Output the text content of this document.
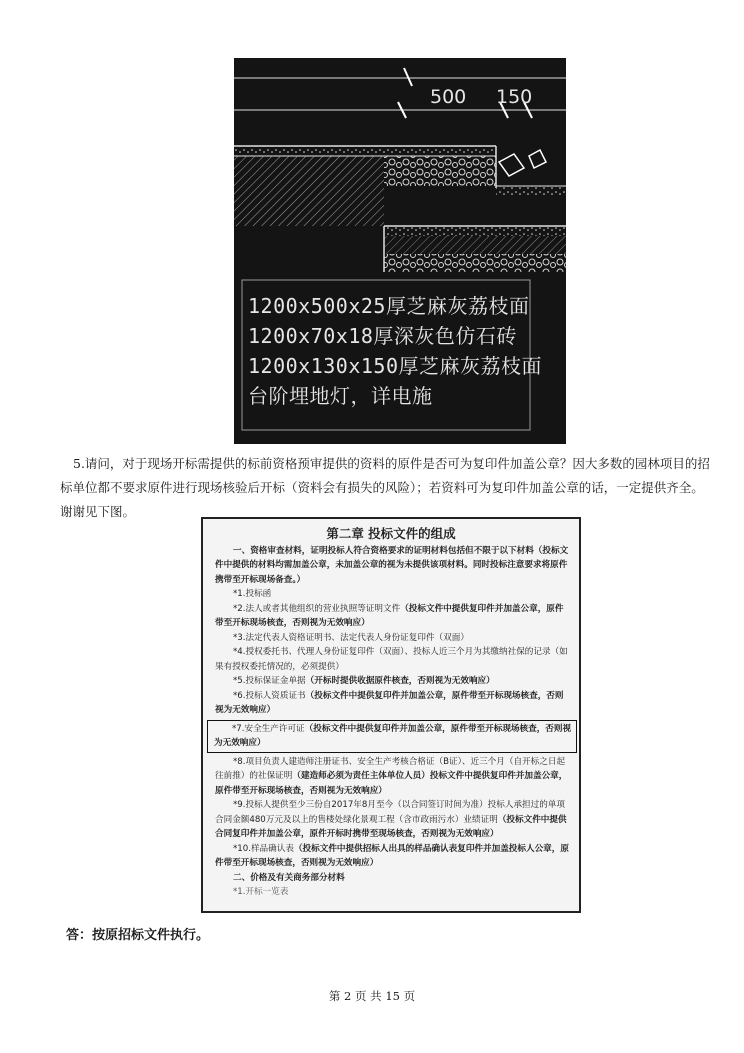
500 150
1200x500x25厚芝麻灰荔枝面
1200x70x18厚深灰色仿石砖
1200x130x150厚芝麻灰荔枝面
台阶埋地灯，详电施
5.请问，对于现场开标需提供的标前资格预审提供的资料的原件是否可为复印件加盖公章？因大多数的园林项目的招标单位都不要求原件进行现场核验后开标（资料会有损失的风险）；若资料可为复印件加盖公章的话，一定提供齐全。谢谢见下图。
第二章 投标文件的组成

一、资格审查材料，证明投标人符合资格要求的证明材料包括但不限于以下材料（投标文件中提供的材料均需加盖公章，未加盖公章的视为未提供该项材料。同时投标注意要求将原件携带至开标现场备查。）

*1.投标函

*2.法人或者其他组织的营业执照等证明文件（投标文件中提供复印件并加盖公章，原件带至开标现场核查，否则视为无效响应）

*3.法定代表人资格证明书、法定代表人身份证复印件（双面）

*4.授权委托书、代理人身份证复印件（双面）、投标人近三个月为其缴纳社保的记录（如果有授权委托情况的，必须提供）

*5.投标保证金单据（开标时提供收据原件核查，否则视为无效响应）

*6.投标人资质证书（投标文件中提供复印件并加盖公章，原件带至开标现场核查，否则视为无效响应）

*7.安全生产许可证（投标文件中提供复印件并加盖公章，原件带至开标现场核查，否则视为无效响应）

*8.项目负责人建造师注册证书、安全生产考核合格证（B证）、近三个月（自开标之日起往前推）的社保证明（建造师必须为责任主体单位人员）投标文件中提供复印件并加盖公章，原件带至开标现场核查，否则视为无效响应）

*9.投标人提供至少三份自2017年8月至今（以合同签订时间为准）投标人承担过的单项合同金额480万元及以上的售楼处绿化景观工程（含市政雨污水）业绩证明（投标文件中提供合同复印件并加盖公章，原件开标时携带至现场核查，否则视为无效响应）

*10.样品确认表（投标文件中提供招标人出具的样品确认表复印件并加盖投标人公章，原件带至开标现场核查，否则视为无效响应）

二、价格及有关商务部分材料

*1.开标一览表

答：按原招标文件执行。
第 2 页 共 15 页
